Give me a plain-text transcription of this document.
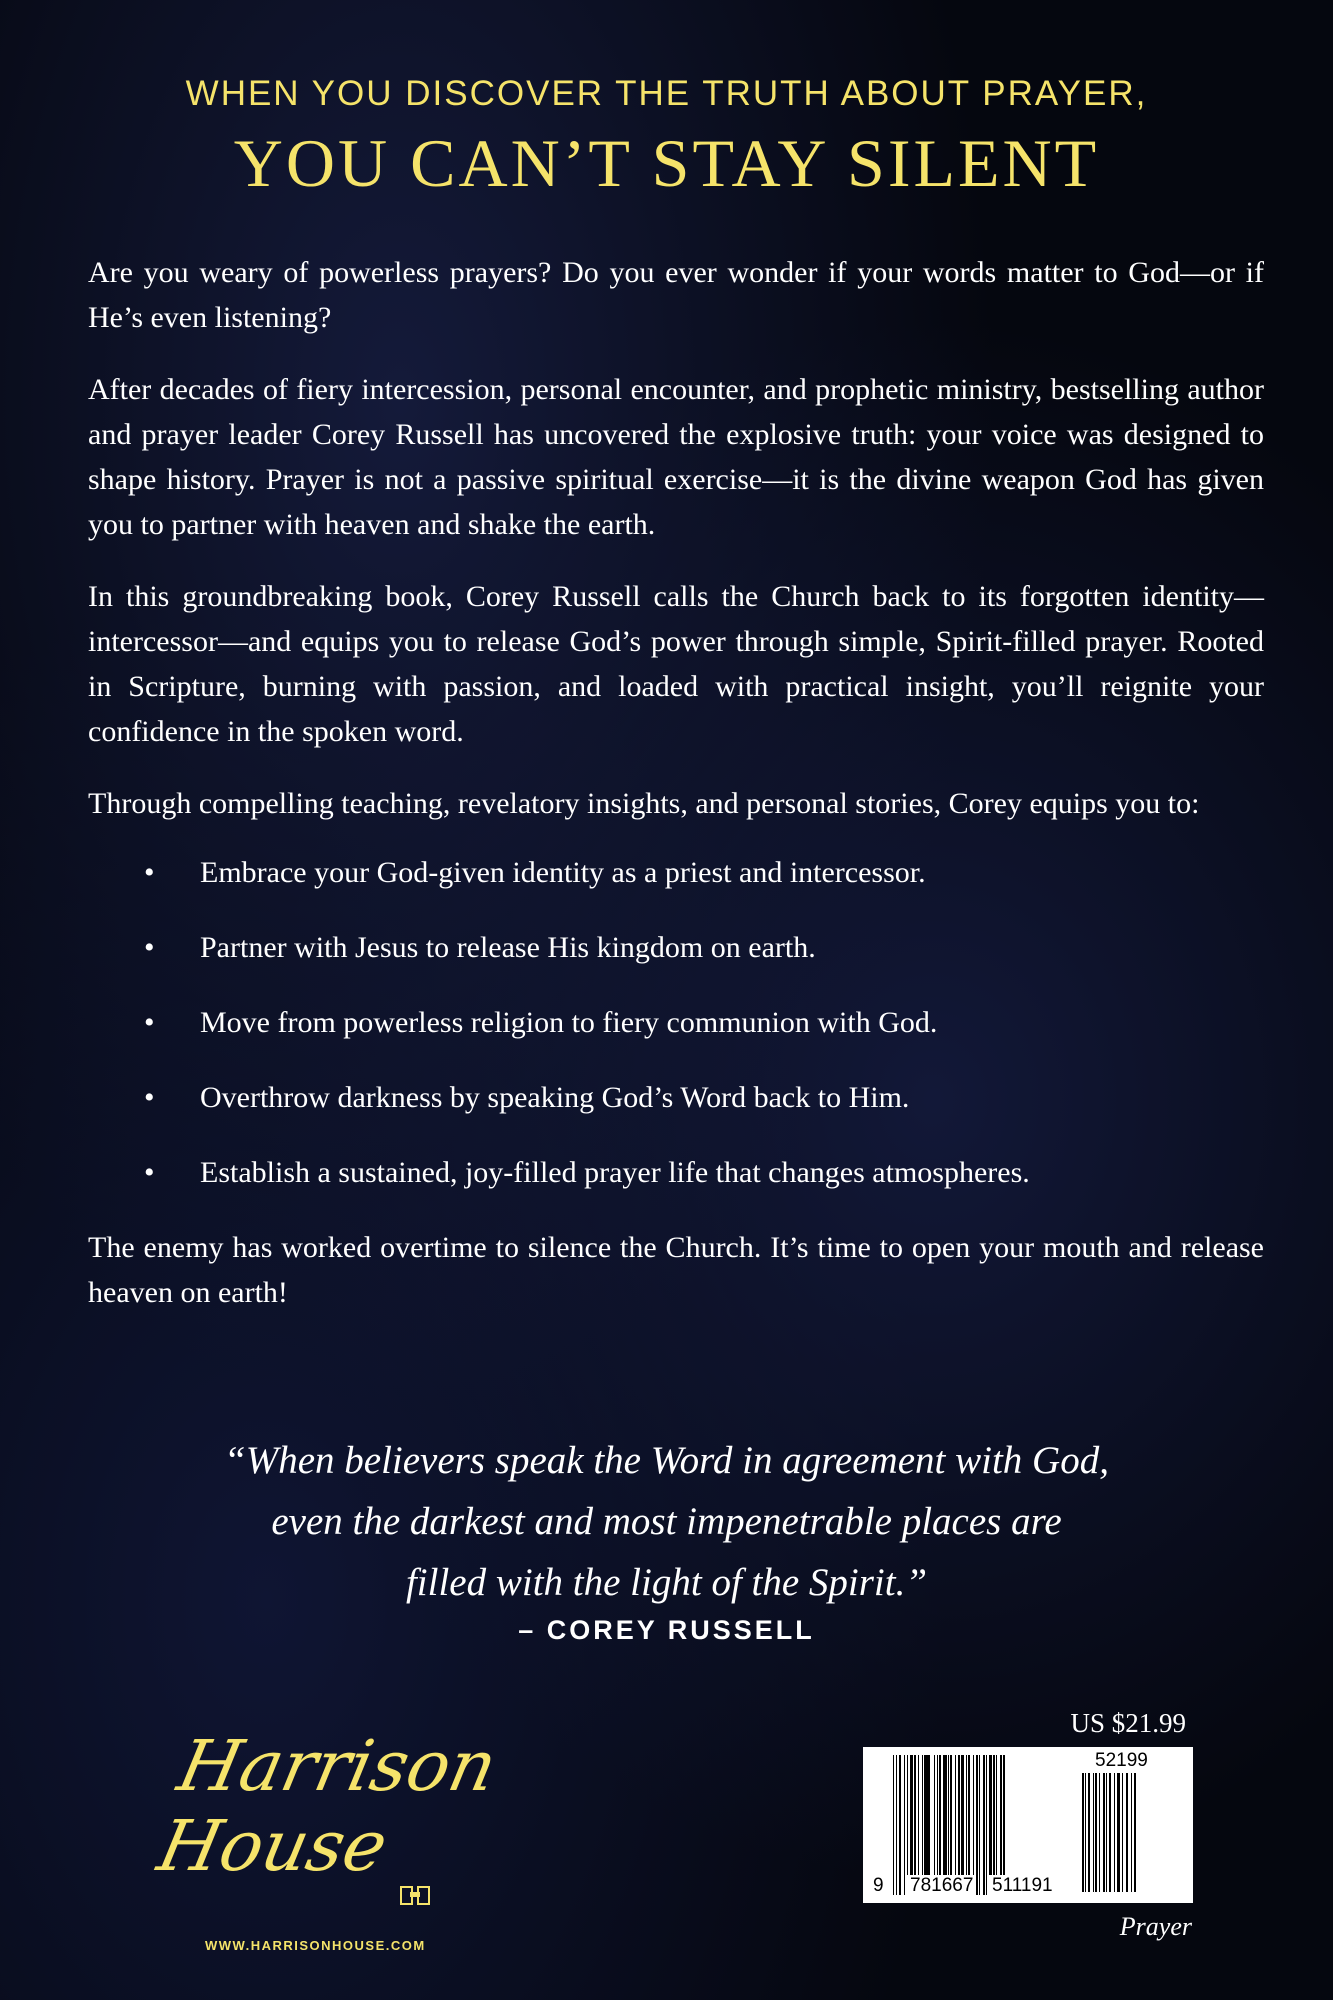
WHEN YOU DISCOVER THE TRUTH ABOUT PRAYER,
YOU CAN’T STAY SILENT

Are you weary of powerless prayers? Do you ever wonder if your words matter to God—or if He’s even listening?

After decades of fiery intercession, personal encounter, and prophetic ministry, bestselling author and prayer leader Corey Russell has uncovered the explosive truth: your voice was designed to shape history. Prayer is not a passive spiritual exercise—it is the divine weapon God has given you to partner with heaven and shake the earth.

In this groundbreaking book, Corey Russell calls the Church back to its forgotten identity—intercessor—and equips you to release God’s power through simple, Spirit-filled prayer. Rooted in Scripture, burning with passion, and loaded with practical insight, you’ll reignite your confidence in the spoken word.

Through compelling teaching, revelatory insights, and personal stories, Corey equips you to:

• Embrace your God-given identity as a priest and intercessor.
• Partner with Jesus to release His kingdom on earth.
• Move from powerless religion to fiery communion with God.
• Overthrow darkness by speaking God’s Word back to Him.
• Establish a sustained, joy-filled prayer life that changes atmospheres.

The enemy has worked overtime to silence the Church. It’s time to open your mouth and release heaven on earth!

“When believers speak the Word in agreement with God,
even the darkest and most impenetrable places are
filled with the light of the Spirit.”
– COREY RUSSELL
Harrison
House
WWW.HARRISONHOUSE.COM
US $21.99
9 781667 511191
52199
Prayer
